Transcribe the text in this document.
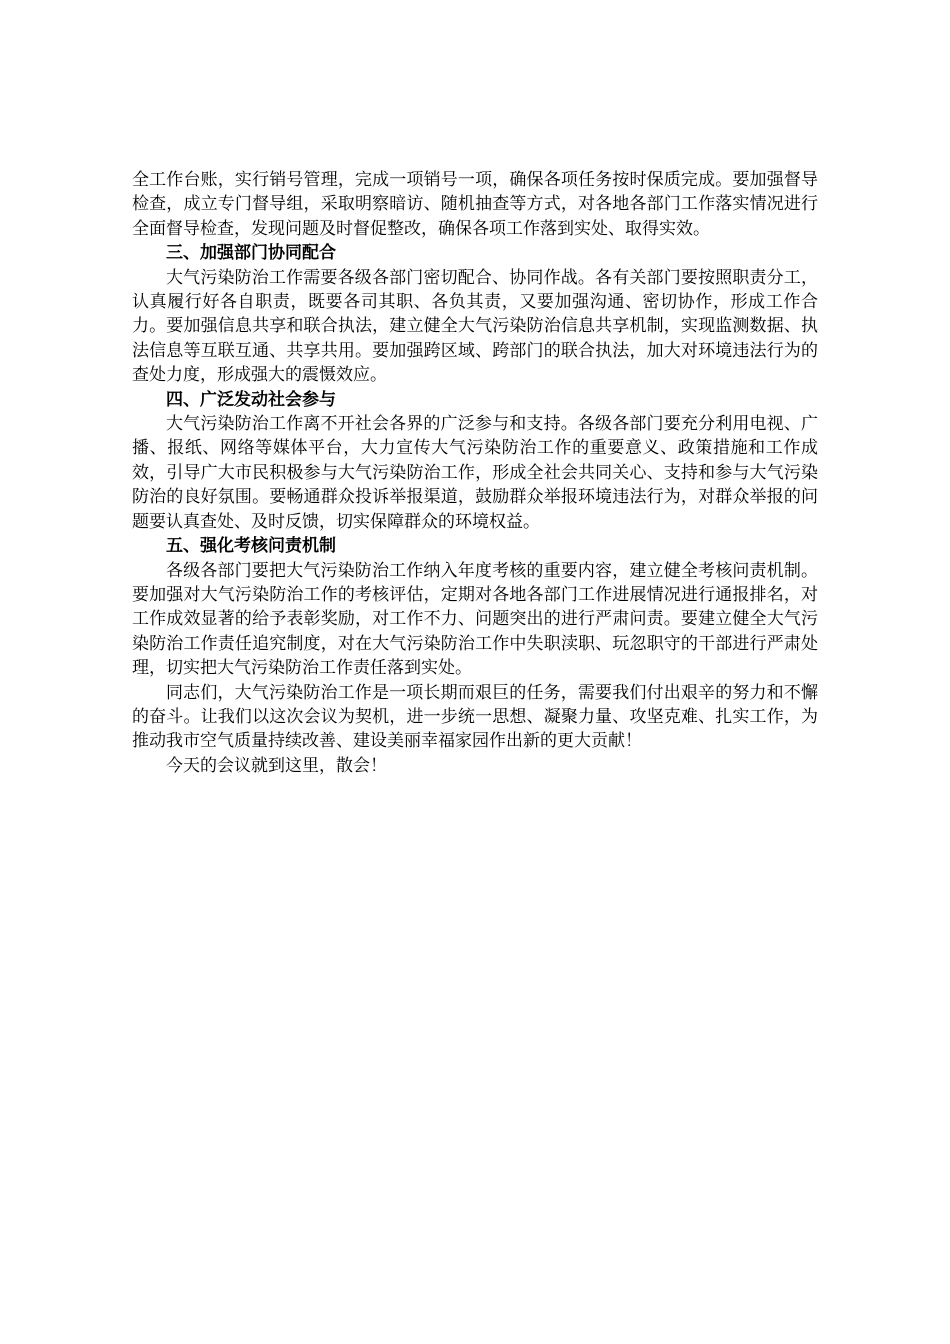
全工作台账，实行销号管理，完成一项销号一项，确保各项任务按时保质完成。要加强督导检查，成立专门督导组，采取明察暗访、随机抽查等方式，对各地各部门工作落实情况进行全面督导检查，发现问题及时督促整改，确保各项工作落到实处、取得实效。

三、加强部门协同配合

大气污染防治工作需要各级各部门密切配合、协同作战。各有关部门要按照职责分工，认真履行好各自职责，既要各司其职、各负其责，又要加强沟通、密切协作，形成工作合力。要加强信息共享和联合执法，建立健全大气污染防治信息共享机制，实现监测数据、执法信息等互联互通、共享共用。要加强跨区域、跨部门的联合执法，加大对环境违法行为的查处力度，形成强大的震慑效应。

四、广泛发动社会参与

大气污染防治工作离不开社会各界的广泛参与和支持。各级各部门要充分利用电视、广播、报纸、网络等媒体平台，大力宣传大气污染防治工作的重要意义、政策措施和工作成效，引导广大市民积极参与大气污染防治工作，形成全社会共同关心、支持和参与大气污染防治的良好氛围。要畅通群众投诉举报渠道，鼓励群众举报环境违法行为，对群众举报的问题要认真查处、及时反馈，切实保障群众的环境权益。

五、强化考核问责机制

各级各部门要把大气污染防治工作纳入年度考核的重要内容，建立健全考核问责机制。要加强对大气污染防治工作的考核评估，定期对各地各部门工作进展情况进行通报排名，对工作成效显著的给予表彰奖励，对工作不力、问题突出的进行严肃问责。要建立健全大气污染防治工作责任追究制度，对在大气污染防治工作中失职渎职、玩忽职守的干部进行严肃处理，切实把大气污染防治工作责任落到实处。

同志们，大气污染防治工作是一项长期而艰巨的任务，需要我们付出艰辛的努力和不懈的奋斗。让我们以这次会议为契机，进一步统一思想、凝聚力量、攻坚克难、扎实工作，为推动我市空气质量持续改善、建设美丽幸福家园作出新的更大贡献！

今天的会议就到这里，散会！
